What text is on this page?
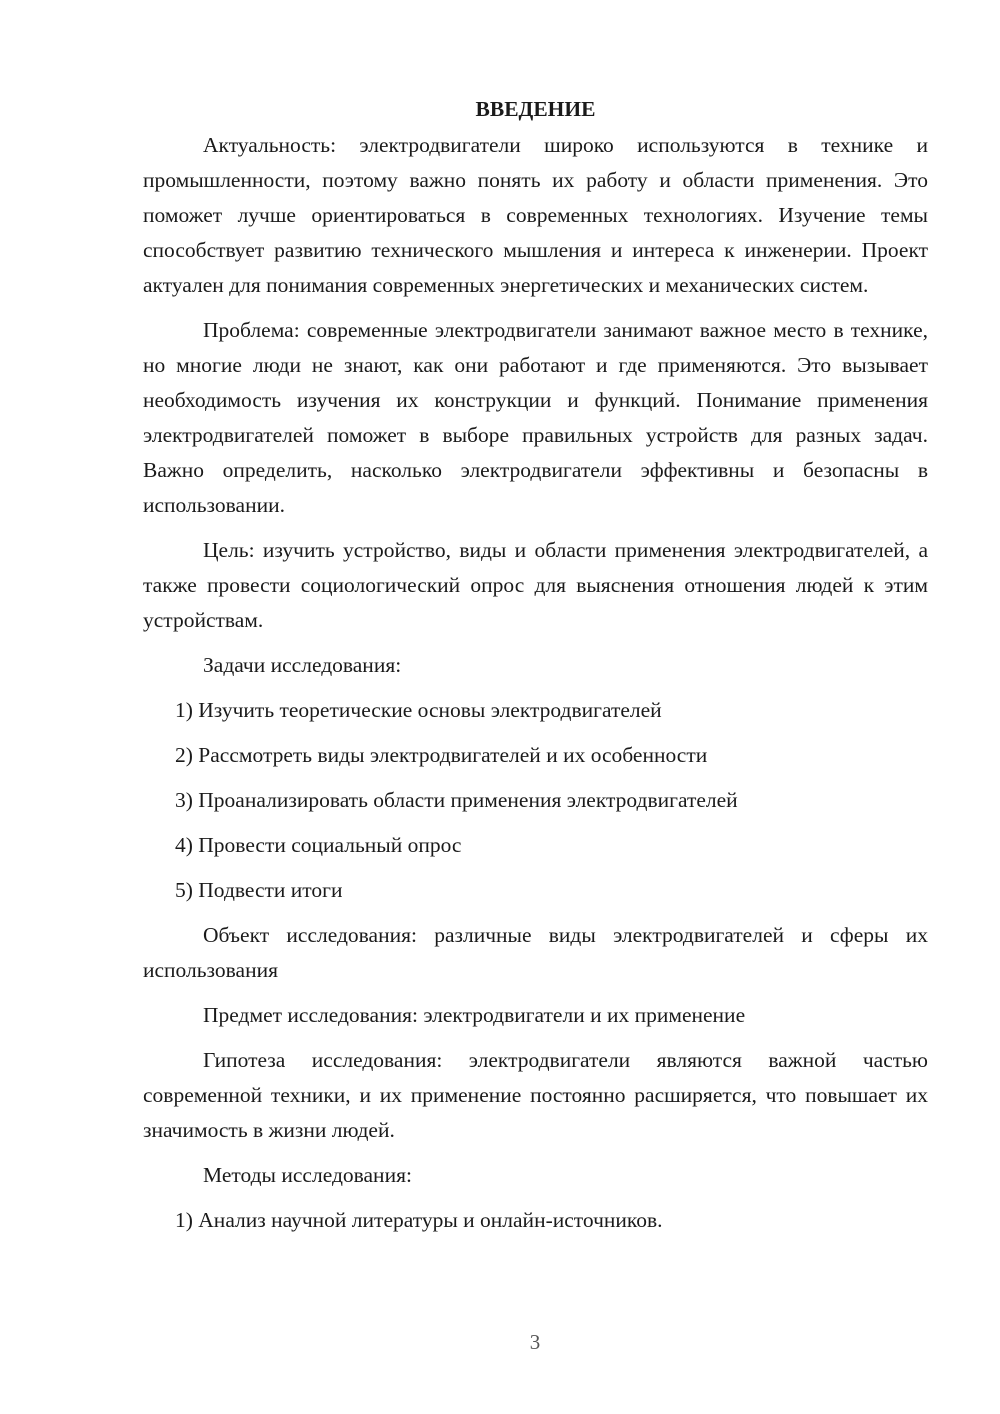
ВВЕДЕНИЕ

Актуальность: электродвигатели широко используются в технике и промышленности, поэтому важно понять их работу и области применения. Это поможет лучше ориентироваться в современных технологиях. Изучение темы способствует развитию технического мышления и интереса к инженерии. Проект актуален для понимания современных энергетических и механических систем.

Проблема: современные электродвигатели занимают важное место в технике, но многие люди не знают, как они работают и где применяются. Это вызывает необходимость изучения их конструкции и функций. Понимание применения электродвигателей поможет в выборе правильных устройств для разных задач. Важно определить, насколько электродвигатели эффективны и безопасны в использовании.

Цель: изучить устройство, виды и области применения электродвигателей, а также провести социологический опрос для выяснения отношения людей к этим устройствам.

Задачи исследования:

1) Изучить теоретические основы электродвигателей
2) Рассмотреть виды электродвигателей и их особенности
3) Проанализировать области применения электродвигателей
4) Провести социальный опрос
5) Подвести итоги

Объект исследования: различные виды электродвигателей и сферы их использования

Предмет исследования: электродвигатели и их применение

Гипотеза исследования: электродвигатели являются важной частью современной техники, и их применение постоянно расширяется, что повышает их значимость в жизни людей.

Методы исследования:

1) Анализ научной литературы и онлайн-источников.
3
